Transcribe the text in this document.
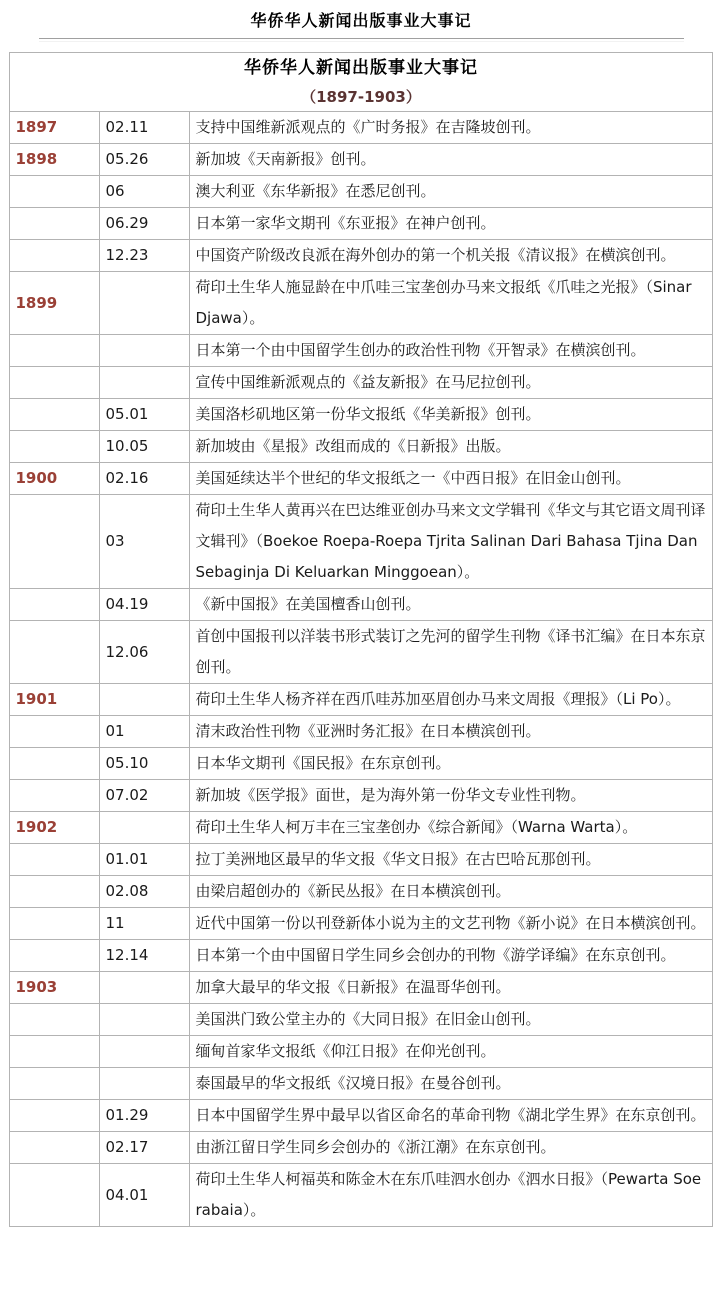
华侨华人新闻出版事业大事记
华侨华人新闻出版事业大事记
（1897-1903）		

1897	02.11	支持中国维新派观点的《广时务报》在吉隆坡创刊。
1898	05.26	新加坡《天南新报》创刊。
	06	澳大利亚《东华新报》在悉尼创刊。
	06.29	日本第一家华文期刊《东亚报》在神户创刊。
	12.23	中国资产阶级改良派在海外创办的第一个机关报《清议报》在横滨创刊。
1899		荷印土生华人施显龄在中爪哇三宝垄创办马来文报纸《爪哇之光报》（Sinar Djawa）。
		日本第一个由中国留学生创办的政治性刊物《开智录》在横滨创刊。
		宣传中国维新派观点的《益友新报》在马尼拉创刊。
	05.01	美国洛杉矶地区第一份华文报纸《华美新报》创刊。
	10.05	新加坡由《星报》改组而成的《日新报》出版。
1900	02.16	美国延续达半个世纪的华文报纸之一《中西日报》在旧金山创刊。
	03	荷印土生华人黄再兴在巴达维亚创办马来文文学辑刊《华文与其它语文周刊译文辑刊》（Boekoe Roepa-Roepa Tjrita Salinan Dari Bahasa Tjina Dan Sebaginja Di Keluarkan Minggoean）。
	04.19	《新中国报》在美国檀香山创刊。
	12.06	首创中国报刊以洋装书形式装订之先河的留学生刊物《译书汇编》在日本东京创刊。
1901		荷印土生华人杨齐祥在西爪哇苏加巫眉创办马来文周报《理报》（Li Po）。
	01	清末政治性刊物《亚洲时务汇报》在日本横滨创刊。
	05.10	日本华文期刊《国民报》在东京创刊。
	07.02	新加坡《医学报》面世，是为海外第一份华文专业性刊物。
1902		荷印土生华人柯万丰在三宝垄创办《综合新闻》（Warna Warta）。
	01.01	拉丁美洲地区最早的华文报《华文日报》在古巴哈瓦那创刊。
	02.08	由梁启超创办的《新民丛报》在日本横滨创刊。
	11	近代中国第一份以刊登新体小说为主的文艺刊物《新小说》在日本横滨创刊。
	12.14	日本第一个由中国留日学生同乡会创办的刊物《游学译编》在东京创刊。
1903		加拿大最早的华文报《日新报》在温哥华创刊。
		美国洪门致公堂主办的《大同日报》在旧金山创刊。
		缅甸首家华文报纸《仰江日报》在仰光创刊。
		泰国最早的华文报纸《汉境日报》在曼谷创刊。
	01.29	日本中国留学生界中最早以省区命名的革命刊物《湖北学生界》在东京创刊。
	02.17	由浙江留日学生同乡会创办的《浙江潮》在东京创刊。
	04.01	荷印土生华人柯福英和陈金木在东爪哇泗水创办《泗水日报》（Pewarta Soerabaia）。
